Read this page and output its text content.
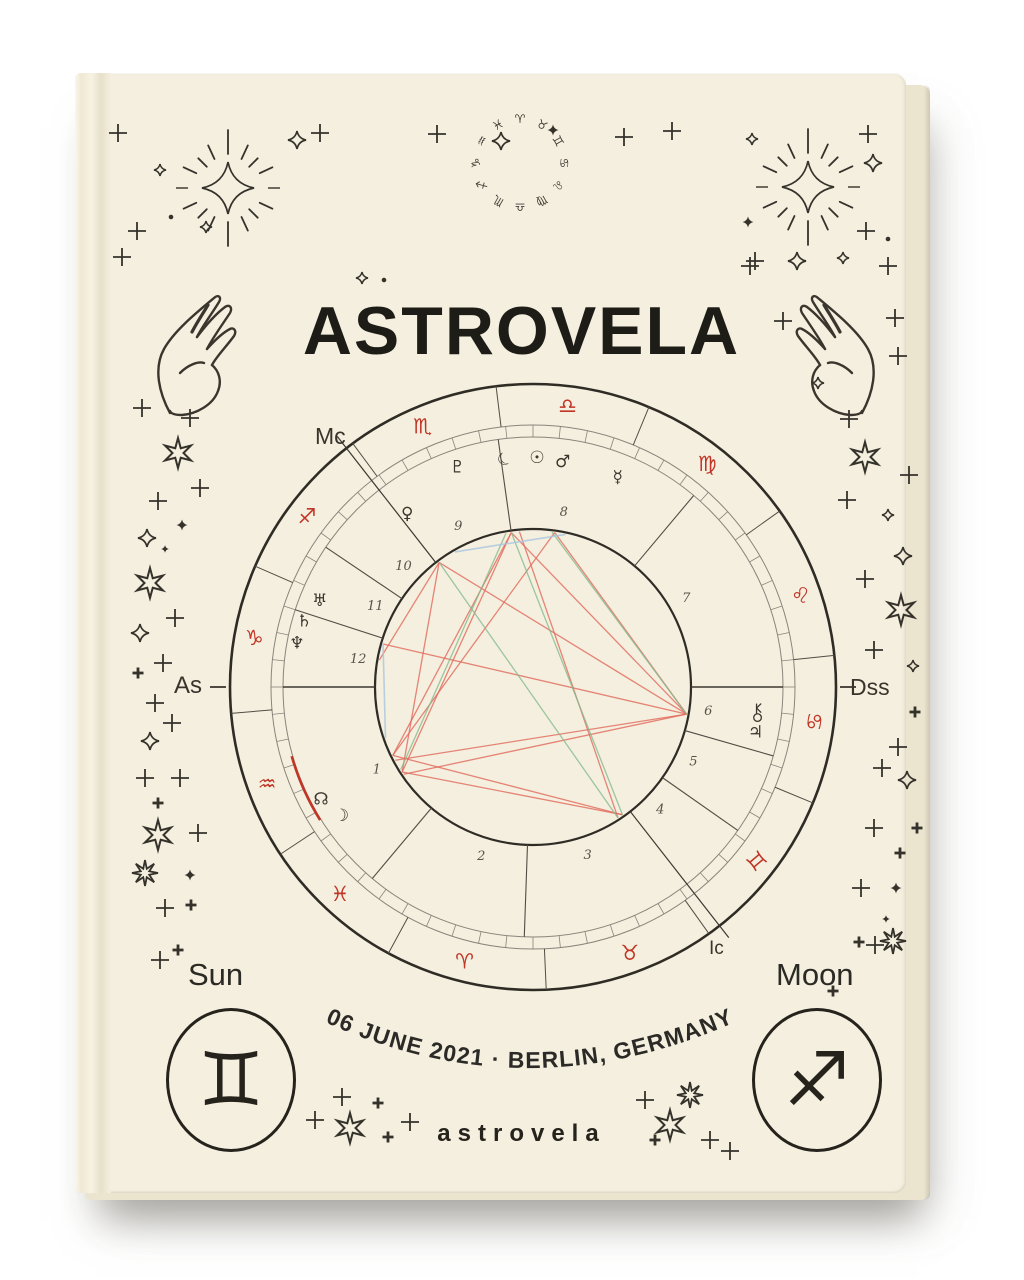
♈ ♉
♊
♋
♌
♍
♎
♏
♐
♑
♒
♓
ASTROVELA
1
2	3
4
5
6
7
8
9
10
11
12
♋
♊
♉
♈
♓
♒
♑
♐
♏
♎
♍
♌
☉ ♂
☿
☾
♇
♀
♅
♄
♆
☊
☽
♃
Mc
As	Dss
Ic
Sun	Moon
♊	♐
06 JUNE 2021 · BERLIN, GERMANY
astrovela
